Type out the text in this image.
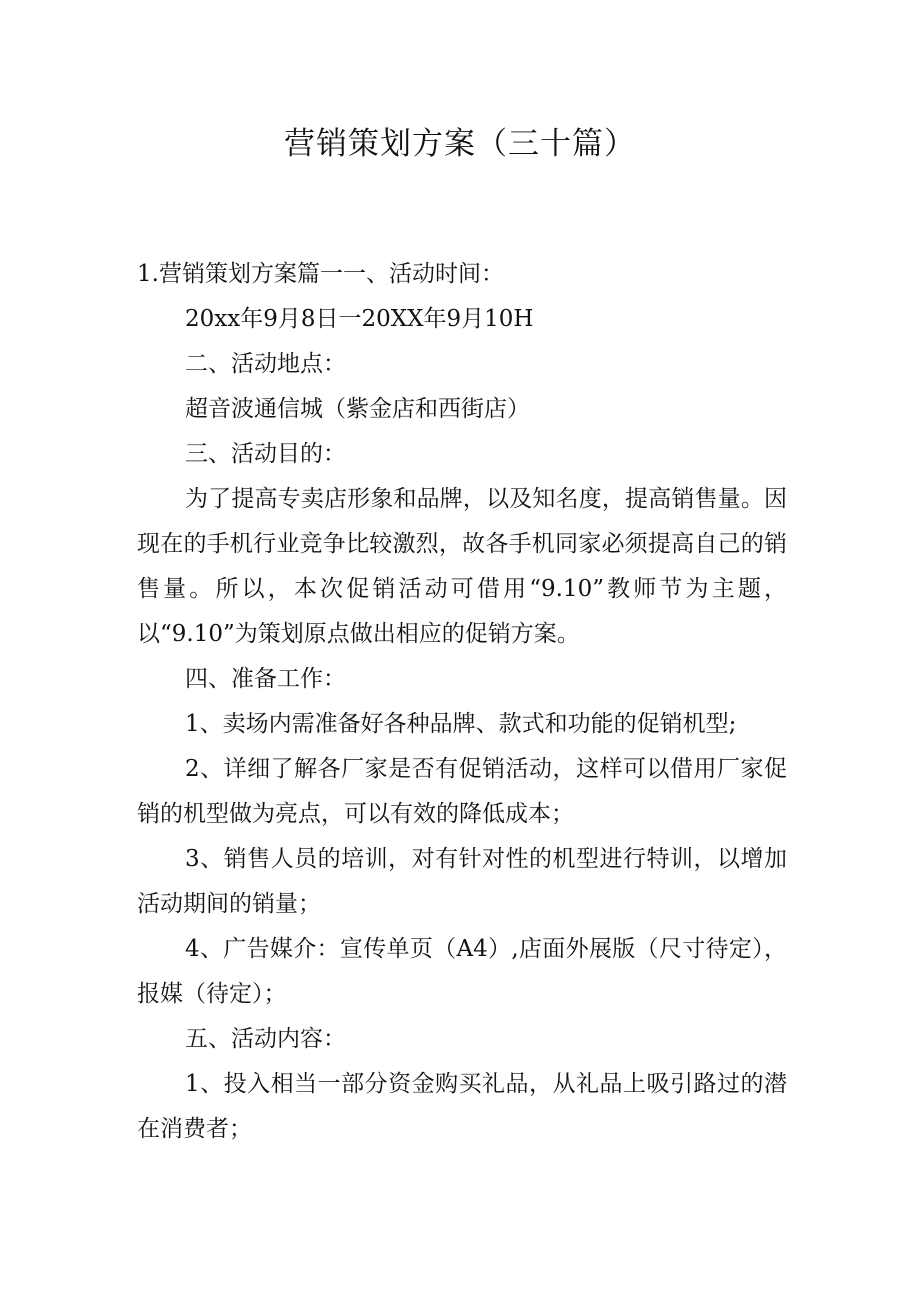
营销策划方案（三十篇）

1.营销策划方案篇一一、活动时间：

20xx年9月8日一20XX年9月10H

二、活动地点：

超音波通信城（紫金店和西街店）

三、活动目的：

为了提高专卖店形象和品牌，以及知名度，提高销售量。因现在的手机行业竞争比较激烈，故各手机同家必须提高自己的销售量。所以，本次促销活动可借用“9.10”教师节为主题，以“9.10”为策划原点做出相应的促销方案。

四、准备工作：

1、卖场内需准备好各种品牌、款式和功能的促销机型;

2、详细了解各厂家是否有促销活动，这样可以借用厂家促销的机型做为亮点，可以有效的降低成本；

3、销售人员的培训，对有针对性的机型进行特训，以增加活动期间的销量；

4、广告媒介：宣传单页（A4）,店面外展版（尺寸待定），报媒（待定）；

五、活动内容：

1、投入相当一部分资金购买礼品，从礼品上吸引路过的潜在消费者；
